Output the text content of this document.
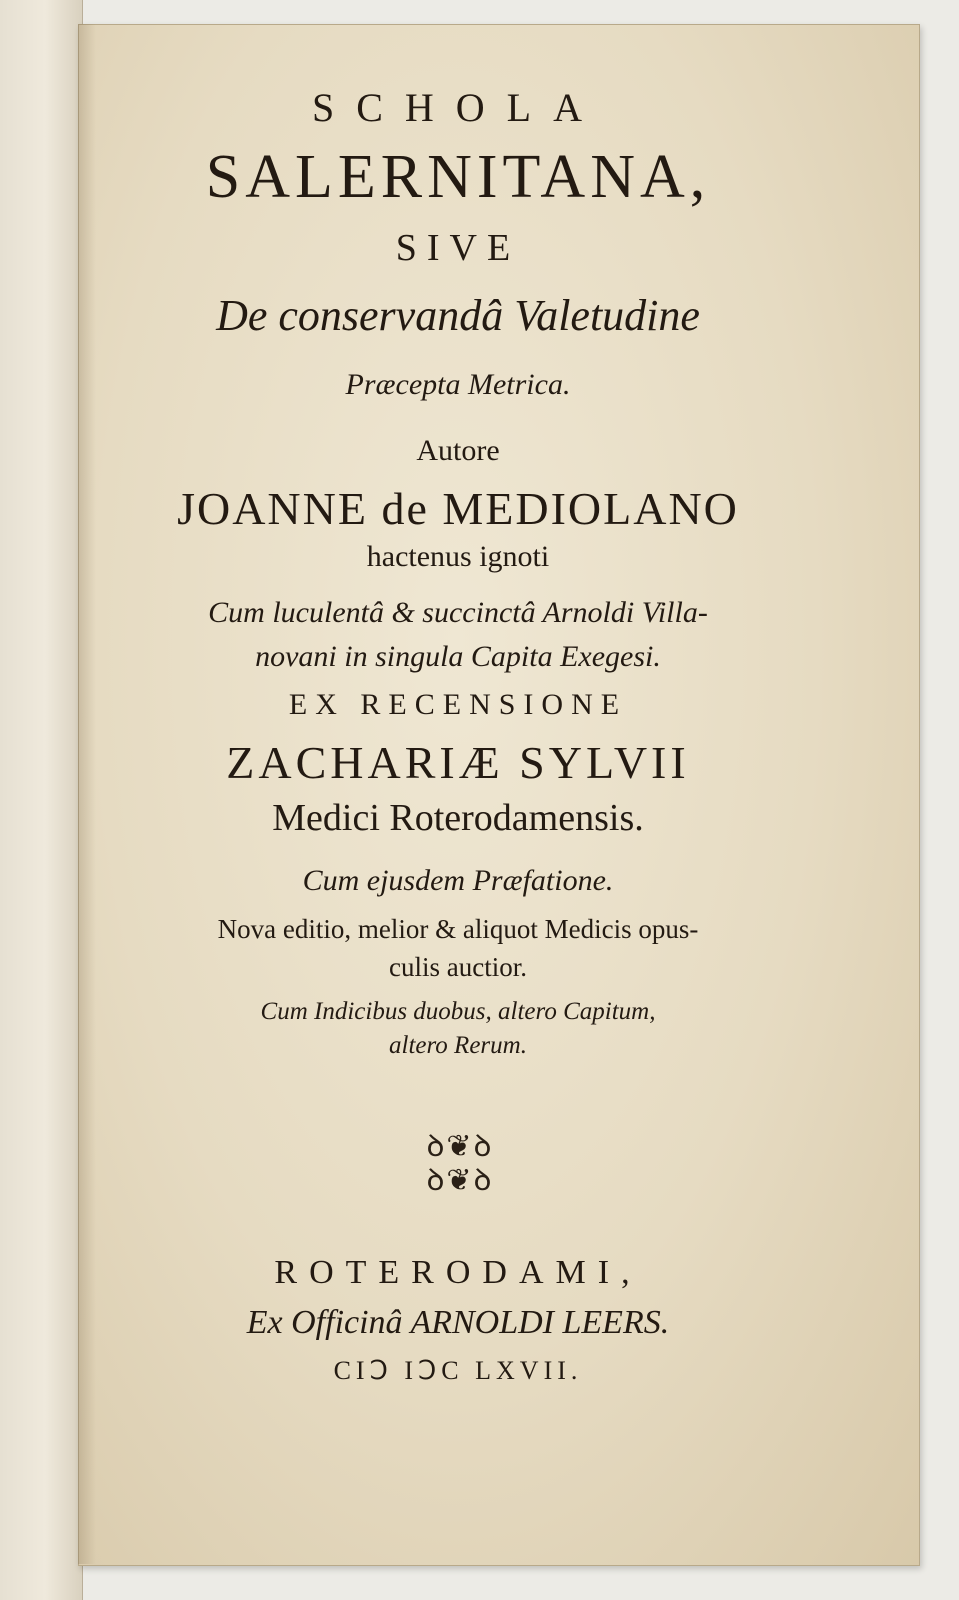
SCHOLA
SALERNITANA,
SIVE
De conservandâ Valetudine
Præcepta Metrica.
Autore
JOANNE de MEDIOLANO
hactenus ignoti
Cum luculentâ & succinctâ Arnoldi Villa-
novani in singula Capita Exegesi.
EX RECENSIONE
ZACHARIÆ SYLVII
Medici Roterodamensis.
Cum ejusdem Præfatione.
Nova editio, melior & aliquot Medicis opus-
culis auctior.
Cum Indicibus duobus, altero Capitum,
altero Rerum.
ꝺ❦ꝺ
ꝺ❦ꝺ
ROTERODAMI,
Ex Officinâ ARNOLDI LEERS.
CIↃ IↃC LXVII.
